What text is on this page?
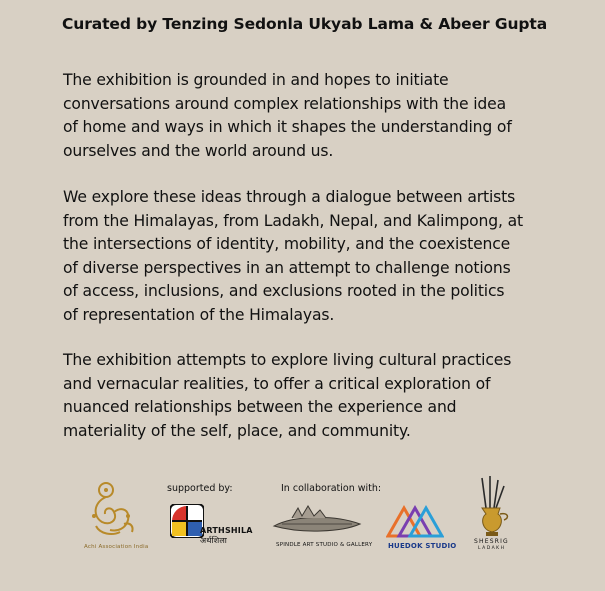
Curated by Tenzing Sedonla Ukyab Lama & Abeer Gupta
The exhibition is grounded in and hopes to initiate
conversations around complex relationships with the idea
of home and ways in which it shapes the understanding of
ourselves and the world around us.
We explore these ideas through a dialogue between artists
from the Himalayas, from Ladakh, Nepal, and Kalimpong, at
the intersections of identity, mobility, and the coexistence
of diverse perspectives in an attempt to challenge notions
of access, inclusions, and exclusions rooted in the politics
of representation of the Himalayas.
The exhibition attempts to explore living cultural practices
and vernacular realities, to offer a critical exploration of
nuanced relationships between the experience and
materiality of the self, place, and community.
Achi Association India
supported by:
ARTHSHILA
अर्थशिला
In collaboration with:
SPINDLE ART STUDIO & GALLERY HUEDOK STUDIO
SHESRIG
LADAKH
